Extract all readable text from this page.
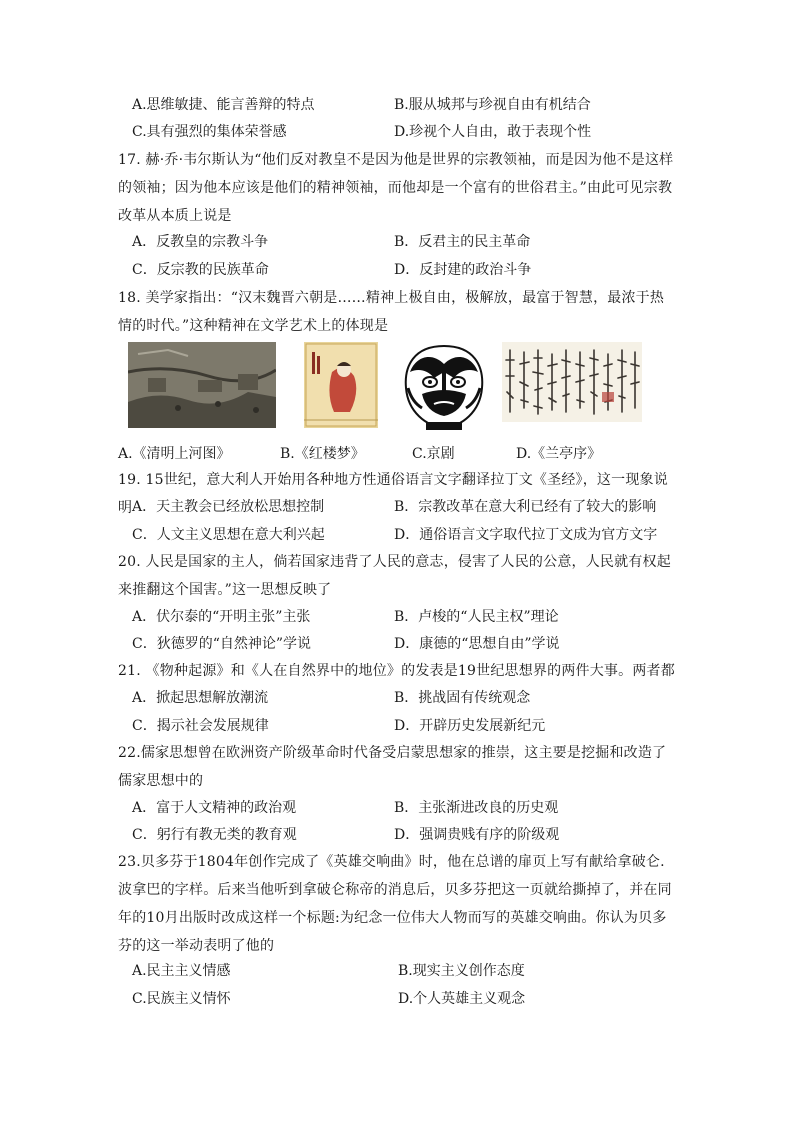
A.思维敏捷、能言善辩的特点	B.服从城邦与珍视自由有机结合
C.具有强烈的集体荣誉感	D.珍视个人自由，敢于表现个性
17. 赫·乔·韦尔斯认为“他们反对教皇不是因为他是世界的宗教领袖，而是因为他不是这样的领袖；因为他本应该是他们的精神领袖，而他却是一个富有的世俗君主。”由此可见宗教改革从本质上说是
A．反教皇的宗教斗争	B．反君主的民主革命
C．反宗教的民族革命	D．反封建的政治斗争
18. 美学家指出：“汉末魏晋六朝是……精神上极自由，极解放，最富于智慧，最浓于热情的时代。”这种精神在文学艺术上的体现是
A.《清明上河图》	B.《红楼梦》	C.京剧	D.《兰亭序》
19. 15世纪，意大利人开始用各种地方性通俗语言文字翻译拉丁文《圣经》，这一现象说明 A．天主教会已经放松思想控制	B．宗教改革在意大利已经有了较大的影响
C．人文主义思想在意大利兴起	D．通俗语言文字取代拉丁文成为官方文字
20. 人民是国家的主人，倘若国家违背了人民的意志，侵害了人民的公意，人民就有权起来推翻这个国害。”这一思想反映了
A．伏尔泰的“开明主张”主张	B．卢梭的“人民主权”理论
C．狄德罗的“自然神论”学说	D．康德的“思想自由”学说
21. 《物种起源》和《人在自然界中的地位》的发表是19世纪思想界的两件大事。两者都
A．掀起思想解放潮流	B．挑战固有传统观念
C．揭示社会发展规律	D．开辟历史发展新纪元
22.儒家思想曾在欧洲资产阶级革命时代备受启蒙思想家的推崇，这主要是挖掘和改造了儒家思想中的
A．富于人文精神的政治观	B．主张渐进改良的历史观
C．躬行有教无类的教育观	D．强调贵贱有序的阶级观
23.贝多芬于1804年创作完成了《英雄交响曲》时，他在总谱的扉页上写有献给拿破仑.波拿巴的字样。后来当他听到拿破仑称帝的消息后，贝多芬把这一页就给撕掉了，并在同年的10月出版时改成这样一个标题:为纪念一位伟大人物而写的英雄交响曲。你认为贝多芬的这一举动表明了他的
A.民主主义情感	B.现实主义创作态度
C.民族主义情怀	D.个人英雄主义观念
